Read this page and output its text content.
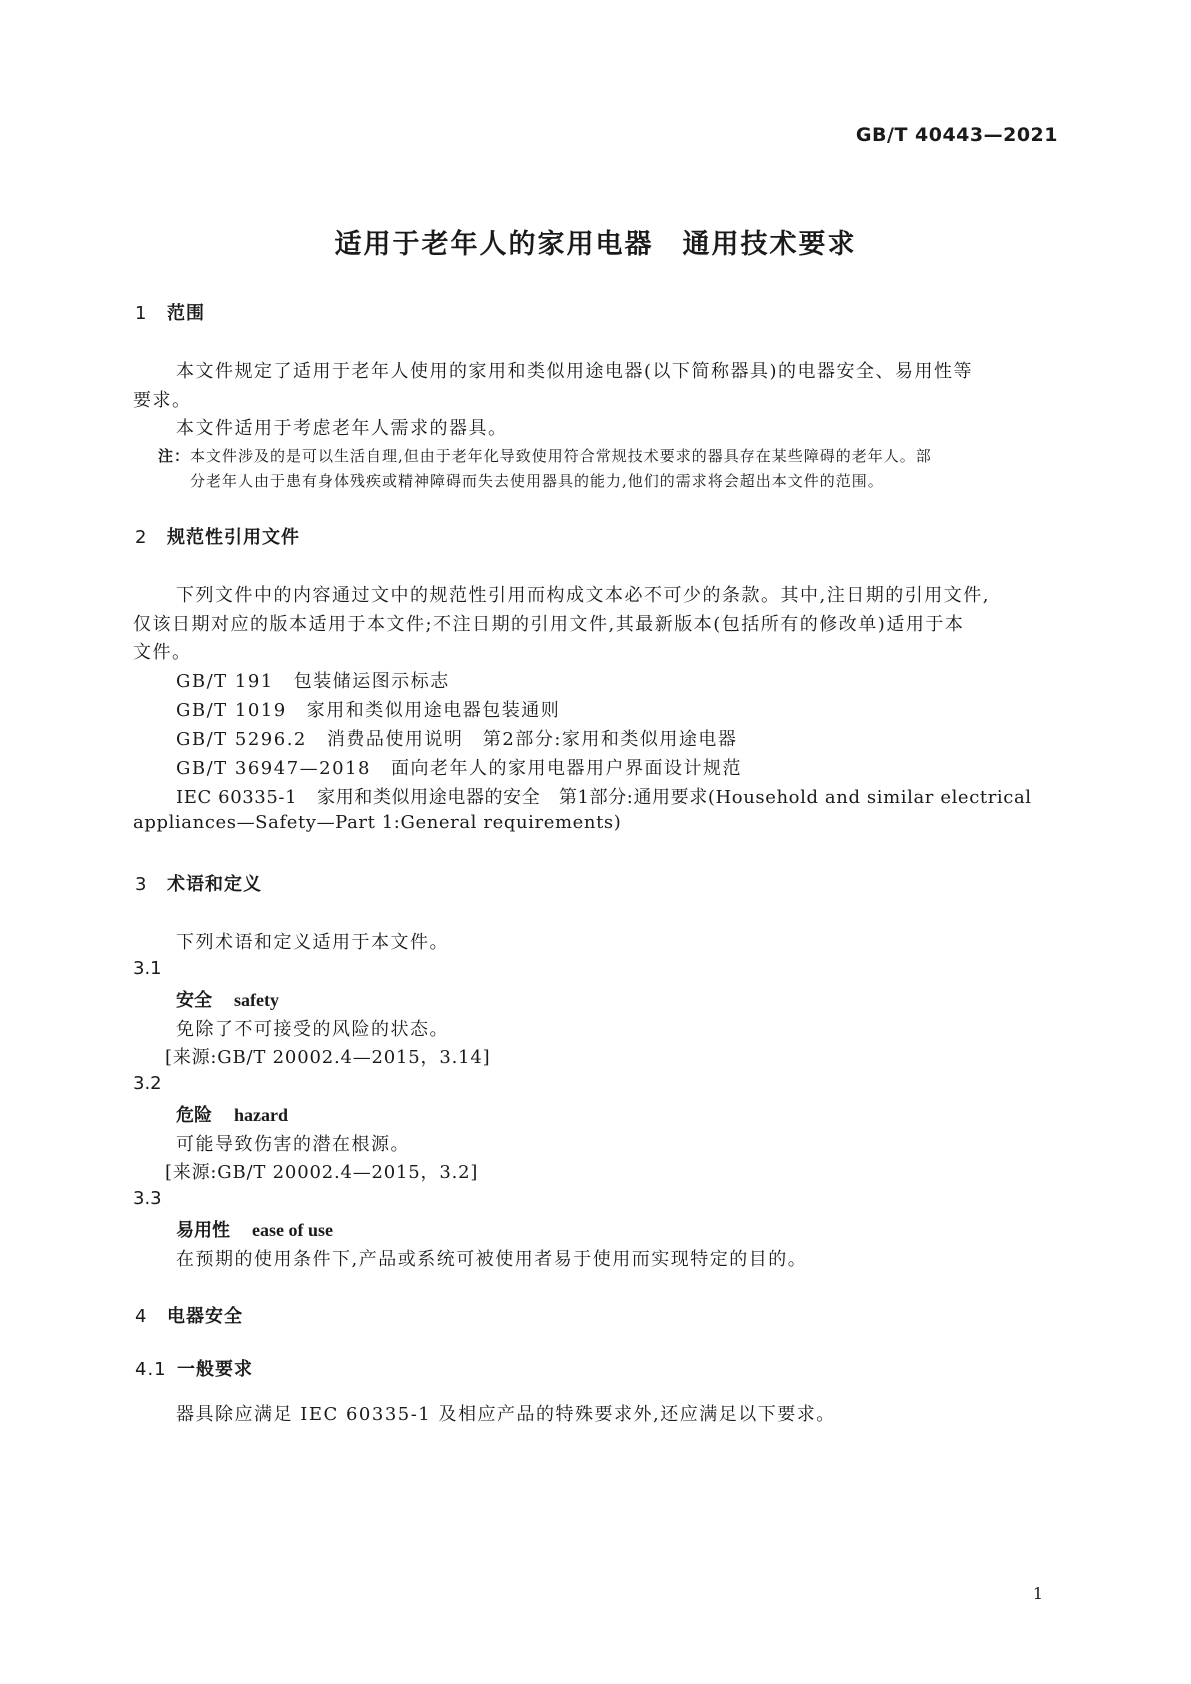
GB/T 40443—2021
适用于老年人的家用电器　通用技术要求
1 范围
本文件规定了适用于老年人使用的家用和类似用途电器(以下简称器具)的电器安全、易用性等
要求。
本文件适用于考虑老年人需求的器具。
注：本文件涉及的是可以生活自理,但由于老年化导致使用符合常规技术要求的器具存在某些障碍的老年人。部
分老年人由于患有身体残疾或精神障碍而失去使用器具的能力,他们的需求将会超出本文件的范围。
2 规范性引用文件
下列文件中的内容通过文中的规范性引用而构成文本必不可少的条款。其中,注日期的引用文件,
仅该日期对应的版本适用于本文件;不注日期的引用文件,其最新版本(包括所有的修改单)适用于本
文件。
GB/T 191 包装储运图示标志
GB/T 1019 家用和类似用途电器包装通则
GB/T 5296.2 消费品使用说明　第2部分:家用和类似用途电器
GB/T 36947—2018 面向老年人的家用电器用户界面设计规范
IEC 60335-1 家用和类似用途电器的安全　第1部分:通用要求(Household and similar electrical
appliances—Safety—Part 1:General requirements)
3 术语和定义
下列术语和定义适用于本文件。
3.1
安全 safety
免除了不可接受的风险的状态。
[来源:GB/T 20002.4—2015，3.14]
3.2
危险 hazard
可能导致伤害的潜在根源。
[来源:GB/T 20002.4—2015，3.2]
3.3
易用性 ease of use
在预期的使用条件下,产品或系统可被使用者易于使用而实现特定的目的。
4 电器安全
4.1 一般要求
器具除应满足 IEC 60335-1 及相应产品的特殊要求外,还应满足以下要求。
1
